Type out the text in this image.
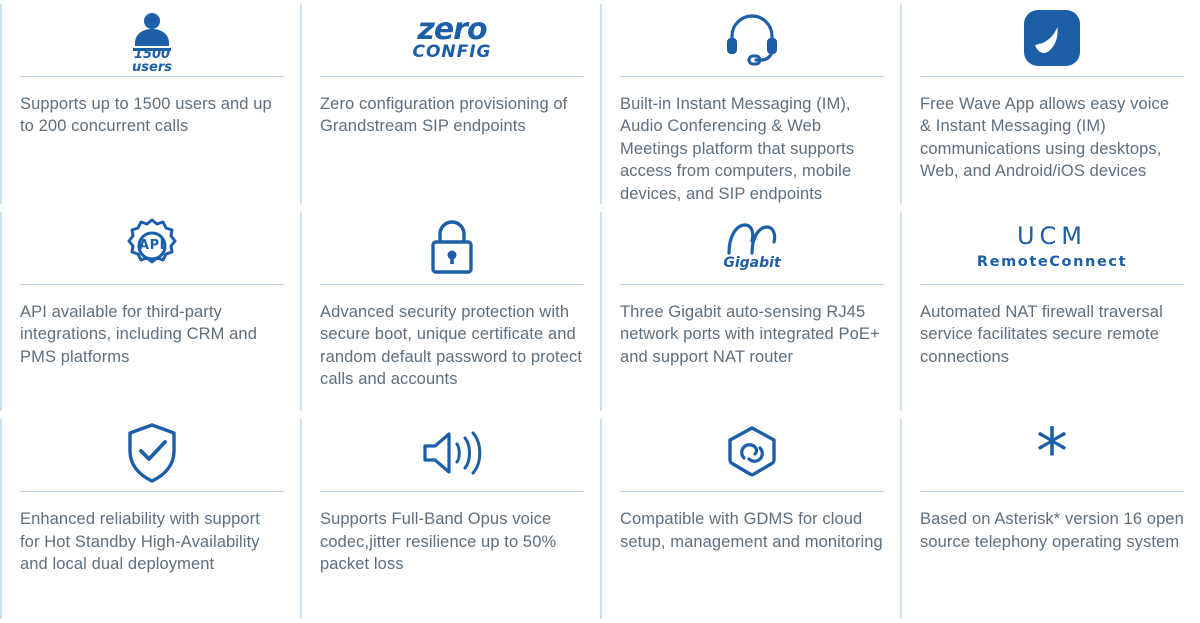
1500
users
Supports up to 1500 users and up to 200 concurrent calls
zero
CONFIG
Zero configuration provisioning of Grandstream SIP endpoints
Built-in Instant Messaging (IM), Audio Conferencing & Web Meetings platform that supports access from computers, mobile devices, and SIP endpoints
Free Wave App allows easy voice & Instant Messaging (IM) communications using desktops, Web, and Android/iOS devices
API
API available for third-party integrations, including CRM and PMS platforms
Advanced security protection with secure boot, unique certificate and random default password to protect calls and accounts
Gigabit
Three Gigabit auto-sensing RJ45 network ports with integrated PoE+ and support NAT router
UCM
RemoteConnect
Automated NAT firewall traversal service facilitates secure remote connections
Enhanced reliability with support for Hot Standby High-Availability and local dual deployment
Supports Full-Band Opus voice codec,jitter resilience up to 50% packet loss
Compatible with GDMS for cloud setup, management and monitoring
*
Based on Asterisk* version 16 open source telephony operating system
